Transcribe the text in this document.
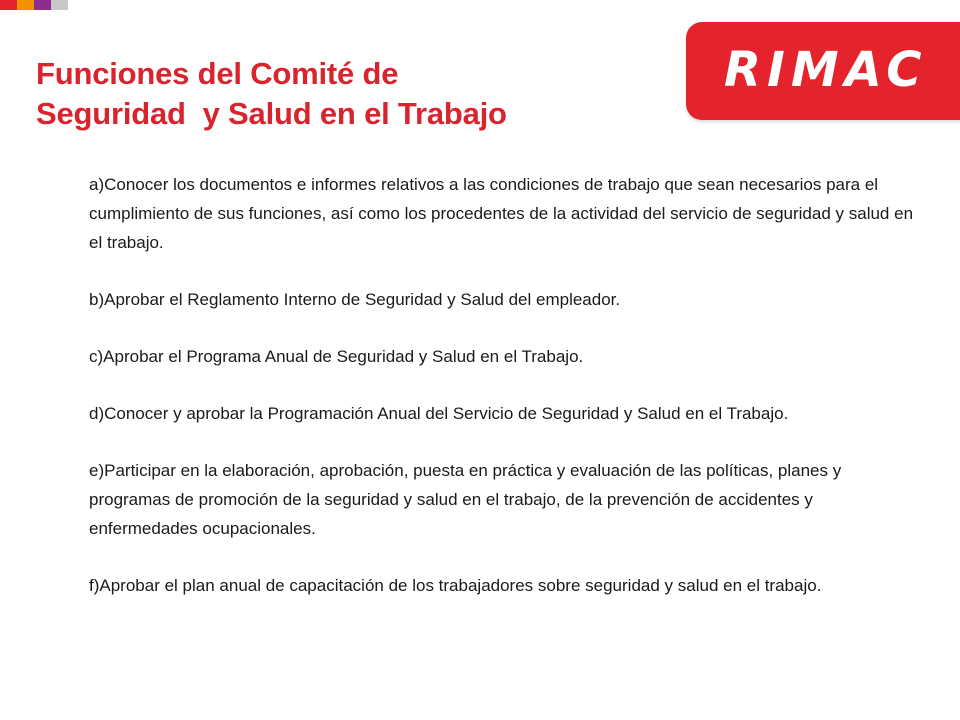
Funciones del Comité de
Seguridad  y Salud en el Trabajo
RIMAC

a)Conocer los documentos e informes relativos a las condiciones de trabajo que sean necesarios para el cumplimiento de sus funciones, así como los procedentes de la actividad del servicio de seguridad y salud en el trabajo.

b)Aprobar el Reglamento Interno de Seguridad y Salud del empleador.

c)Aprobar el Programa Anual de Seguridad y Salud en el Trabajo.

d)Conocer y aprobar la Programación Anual del Servicio de Seguridad y Salud en el Trabajo.

e)Participar en la elaboración, aprobación, puesta en práctica y evaluación de las políticas, planes y programas de promoción de la seguridad y salud en el trabajo, de la prevención de accidentes y enfermedades ocupacionales.

f)Aprobar el plan anual de capacitación de los trabajadores sobre seguridad y salud en el trabajo.
